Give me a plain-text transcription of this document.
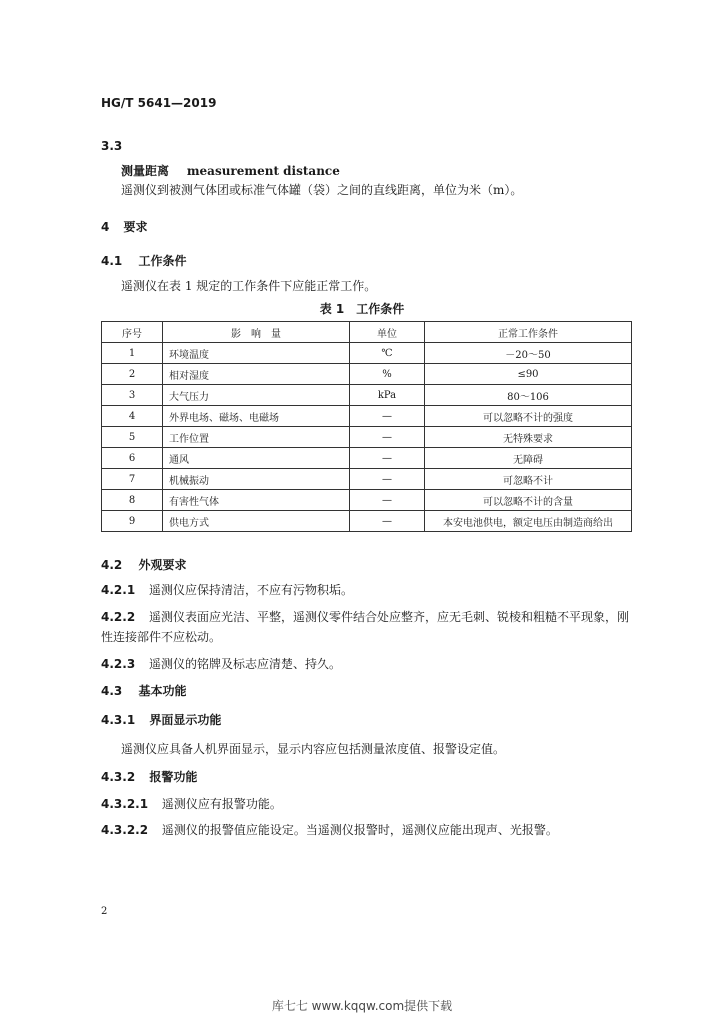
HG/T 5641—2019
3.3
测量距离 measurement distance
遥测仪到被测气体团或标准气体罐（袋）之间的直线距离，单位为米（m）。
4 要求
4.1 工作条件
遥测仪在表 1 规定的工作条件下应能正常工作。
表 1　工作条件
序号	影　响　量	单位	正常工作条件
1	环境温度	℃	－20～50
2	相对湿度	%	≤90
3	大气压力	kPa	80～106
4	外界电场、磁场、电磁场	—	可以忽略不计的强度
5	工作位置	—	无特殊要求
6	通风	—	无障碍
7	机械振动	—	可忽略不计
8	有害性气体	—	可以忽略不计的含量
9	供电方式	—	本安电池供电，额定电压由制造商给出
4.2 外观要求
4.2.1 遥测仪应保持清洁，不应有污物积垢。
4.2.2 遥测仪表面应光洁、平整，遥测仪零件结合处应整齐，应无毛刺、锐棱和粗糙不平现象，刚
性连接部件不应松动。
4.2.3 遥测仪的铭牌及标志应清楚、持久。
4.3 基本功能
4.3.1 界面显示功能
遥测仪应具备人机界面显示，显示内容应包括测量浓度值、报警设定值。
4.3.2 报警功能
4.3.2.1 遥测仪应有报警功能。
4.3.2.2 遥测仪的报警值应能设定。当遥测仪报警时，遥测仪应能出现声、光报警。
2
库七七 www.kqqw.com提供下载
